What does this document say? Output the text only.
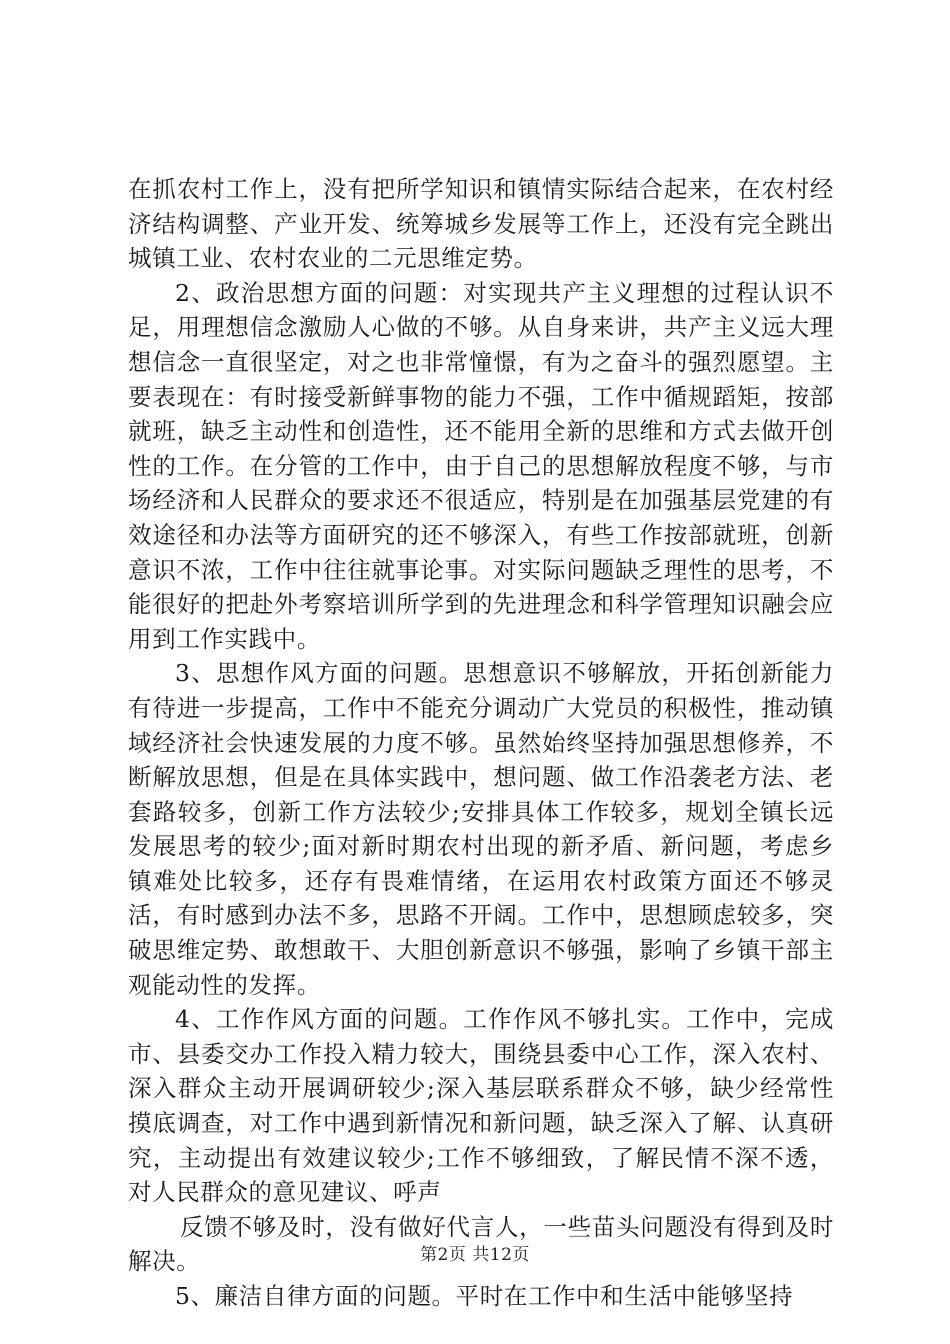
在抓农村工作上，没有把所学知识和镇情实际结合起来，在农村经济结构调整、产业开发、统筹城乡发展等工作上，还没有完全跳出城镇工业、农村农业的二元思维定势。

2、政治思想方面的问题：对实现共产主义理想的过程认识不足，用理想信念激励人心做的不够。从自身来讲，共产主义远大理想信念一直很坚定，对之也非常憧憬，有为之奋斗的强烈愿望。主要表现在：有时接受新鲜事物的能力不强，工作中循规蹈矩，按部就班，缺乏主动性和创造性，还不能用全新的思维和方式去做开创性的工作。在分管的工作中，由于自己的思想解放程度不够，与市场经济和人民群众的要求还不很适应，特别是在加强基层党建的有效途径和办法等方面研究的还不够深入，有些工作按部就班，创新意识不浓，工作中往往就事论事。对实际问题缺乏理性的思考，不能很好的把赴外考察培训所学到的先进理念和科学管理知识融会应用到工作实践中。

3、思想作风方面的问题。思想意识不够解放，开拓创新能力有待进一步提高，工作中不能充分调动广大党员的积极性，推动镇域经济社会快速发展的力度不够。虽然始终坚持加强思想修养，不断解放思想，但是在具体实践中，想问题、做工作沿袭老方法、老套路较多，创新工作方法较少;安排具体工作较多，规划全镇长远发展思考的较少;面对新时期农村出现的新矛盾、新问题，考虑乡镇难处比较多，还存有畏难情绪，在运用农村政策方面还不够灵活，有时感到办法不多，思路不开阔。工作中，思想顾虑较多，突破思维定势、敢想敢干、大胆创新意识不够强，影响了乡镇干部主观能动性的发挥。

4、工作作风方面的问题。工作作风不够扎实。工作中，完成市、县委交办工作投入精力较大，围绕县委中心工作，深入农村、深入群众主动开展调研较少;深入基层联系群众不够，缺少经常性摸底调查，对工作中遇到新情况和新问题，缺乏深入了解、认真研究，主动提出有效建议较少;工作不够细致，了解民情不深不透，对人民群众的意见建议、呼声

反馈不够及时，没有做好代言人，一些苗头问题没有得到及时解决。

5、廉洁自律方面的问题。平时在工作中和生活中能够坚持

第2页 共12页
